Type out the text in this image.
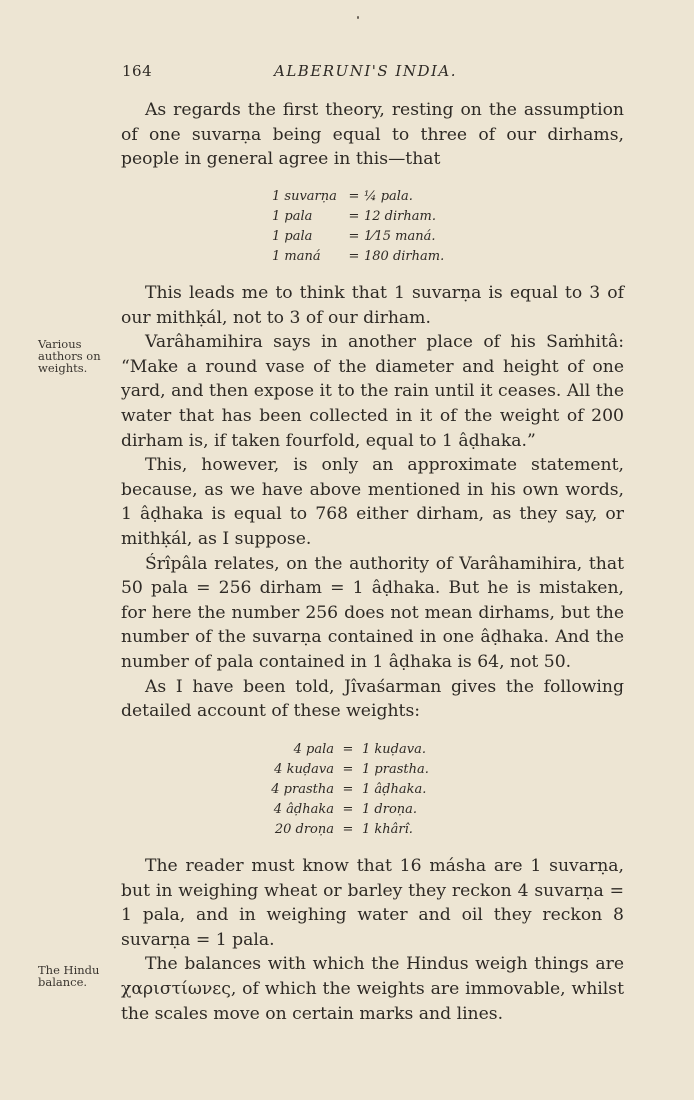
164	ALBERUNI'S INDIA.

As regards the first theory, resting on the assumption of one suvarṇa being equal to three of our dirhams, people in general agree in this—that

1 suvarṇa = ¼ pala.
1 pala	= 12 dirham.
1 pala	= 1⁄15 maná.
1 maná	= 180 dirham.

This leads me to think that 1 suvarṇa is equal to 3 of our mithḳál, not to 3 of our dirham.

Varâhamihira says in another place of his Saṁhitâ: “Make a round vase of the diameter and height of one yard, and then expose it to the rain until it ceases. All the water that has been collected in it of the weight of 200 dirham is, if taken fourfold, equal to 1 âḍhaka.”

This, however, is only an approximate statement, because, as we have above mentioned in his own words, 1 âḍhaka is equal to 768 either dirham, as they say, or mithḳál, as I suppose.

Śrîpâla relates, on the authority of Varâhamihira, that 50 pala = 256 dirham = 1 âḍhaka. But he is mistaken, for here the number 256 does not mean dirhams, but the number of the suvarṇa contained in one âḍhaka. And the number of pala contained in 1 âḍhaka is 64, not 50.

As I have been told, Jîvaśarman gives the following detailed account of these weights:

Various authors on weights.
4 pala = 1 kuḍava.
4 kuḍava = 1 prastha.
4 prastha = 1 âḍhaka.
4 âḍhaka = 1 droṇa.
20 droṇa = 1 khârî.

The reader must know that 16 másha are 1 suvarṇa, but in weighing wheat or barley they reckon 4 suvarṇa = 1 pala, and in weighing water and oil they reckon 8 suvarṇa = 1 pala.

The balances with which the Hindus weigh things are χαριστίωνες, of which the weights are immovable, whilst the scales move on certain marks and lines.

The Hindu balance.
